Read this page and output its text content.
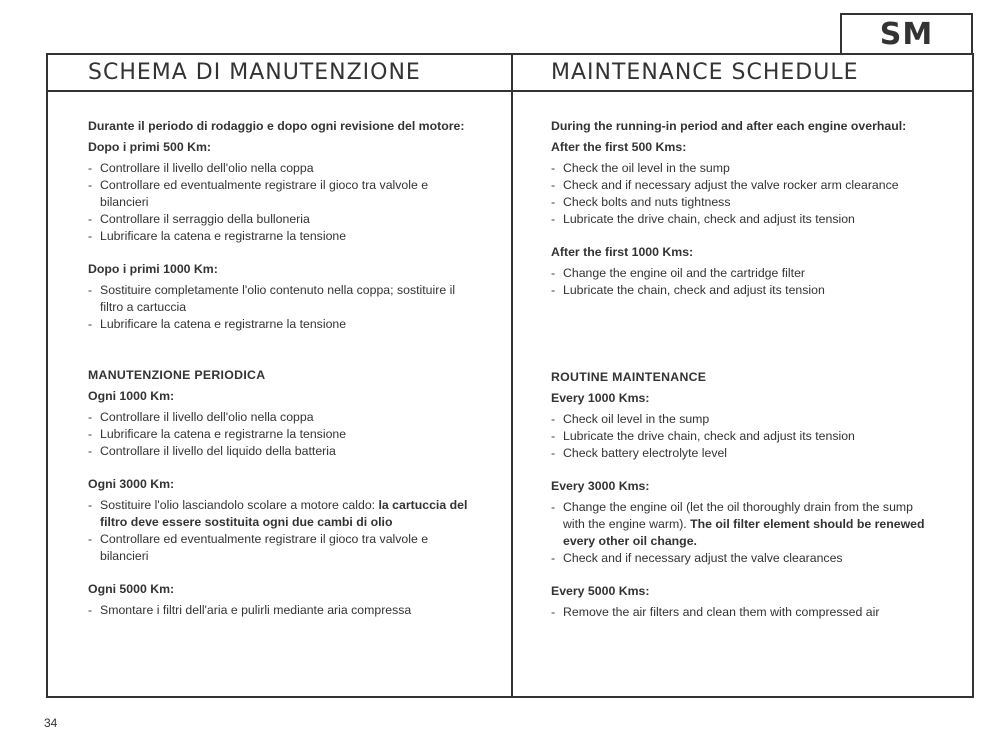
SM
SCHEMA DI MANUTENZIONE	MAINTENANCE SCHEDULE

Durante il periodo di rodaggio e dopo ogni revisione del motore:

Dopo i primi 500 Km:

- Controllare il livello dell'olio nella coppa
- Controllare ed eventualmente registrare il gioco tra valvole e bilancieri
- Controllare il serraggio della bulloneria
- Lubrificare la catena e registrarne la tensione

Dopo i primi 1000 Km:

- Sostituire completamente l'olio contenuto nella coppa; sostituire il filtro a cartuccia
- Lubrificare la catena e registrarne la tensione

MANUTENZIONE PERIODICA

Ogni 1000 Km:

- Controllare il livello dell'olio nella coppa
- Lubrificare la catena e registrarne la tensione
- Controllare il livello del liquido della batteria

Ogni 3000 Km:

- Sostituire l'olio lasciandolo scolare a motore caldo: la cartuccia del filtro deve essere sostituita ogni due cambi di olio
- Controllare ed eventualmente registrare il gioco tra valvole e bilancieri

Ogni 5000 Km:

- Smontare i filtri dell'aria e pulirli mediante aria compressa

During the running-in period and after each engine overhaul:

After the first 500 Kms:

- Check the oil level in the sump
- Check and if necessary adjust the valve rocker arm clearance
- Check bolts and nuts tightness
- Lubricate the drive chain, check and adjust its tension

After the first 1000 Kms:

- Change the engine oil and the cartridge filter
- Lubricate the chain, check and adjust its tension

ROUTINE MAINTENANCE

Every 1000 Kms:

- Check oil level in the sump
- Lubricate the drive chain, check and adjust its tension
- Check battery electrolyte level

Every 3000 Kms:

- Change the engine oil (let the oil thoroughly drain from the sump with the engine warm). The oil filter element should be renewed every other oil change.
- Check and if necessary adjust the valve clearances

Every 5000 Kms:

- Remove the air filters and clean them with compressed air
34
